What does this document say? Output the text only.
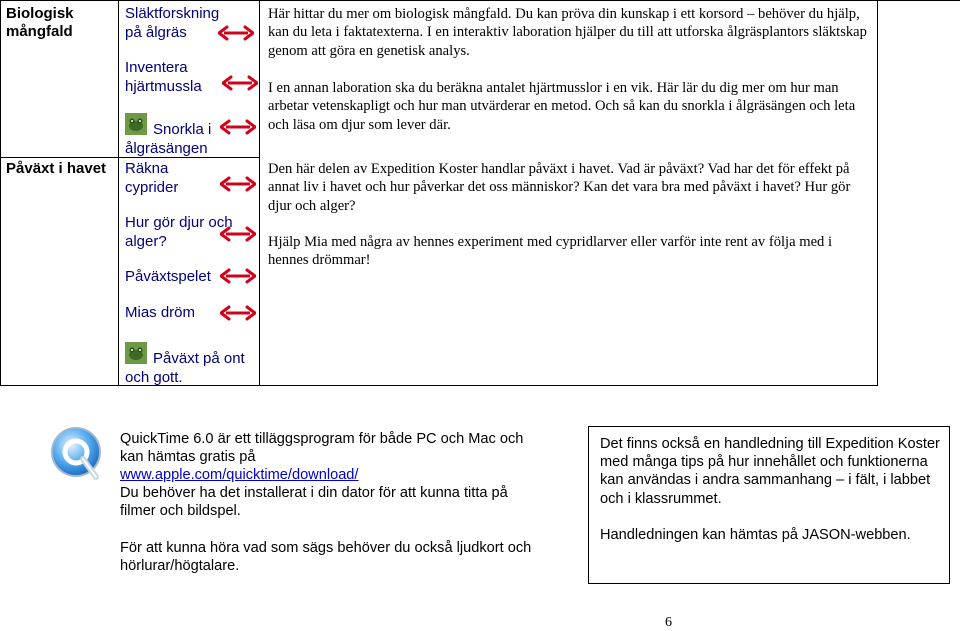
Biologisk
mångfald
Påväxt i havet
Släktforskning
på ålgräs
Inventera
hjärtmussla
Snorkla i
ålgräsängen
Räkna
cyprider
Hur gör djur och
alger?
Påväxtspelet
Mias dröm
Påväxt på ont
och gott.
Här hittar du mer om biologisk mångfald. Du kan pröva din kunskap i ett korsord – behöver du hjälp, kan du leta i faktatexterna. I en interaktiv laboration hjälper du till att utforska ålgräsplantors släktskap genom att göra en genetisk analys.
I en annan laboration ska du beräkna antalet hjärtmusslor i en vik. Här lär du dig mer om hur man arbetar vetenskapligt och hur man utvärderar en metod. Och så kan du snorkla i ålgräsängen och leta och läsa om djur som lever där.
Den här delen av Expedition Koster handlar påväxt i havet. Vad är påväxt? Vad har det för effekt på annat liv i havet och hur påverkar det oss människor? Kan det vara bra med påväxt i havet? Hur gör djur och alger?
Hjälp Mia med några av hennes experiment med cypridlarver eller varför inte rent av följa med i hennes drömmar!
QuickTime 6.0 är ett tilläggsprogram för både PC och Mac och kan hämtas gratis på
www.apple.com/quicktime/download/
Du behöver ha det installerat i din dator för att kunna titta på filmer och bildspel.
För att kunna höra vad som sägs behöver du också ljudkort och hörlurar/högtalare.
Det finns också en handledning till Expedition Koster med många tips på hur innehållet och funktionerna kan användas i andra sammanhang – i fält, i labbet och i klassrummet.
Handledningen kan hämtas på JASON-webben.
6
